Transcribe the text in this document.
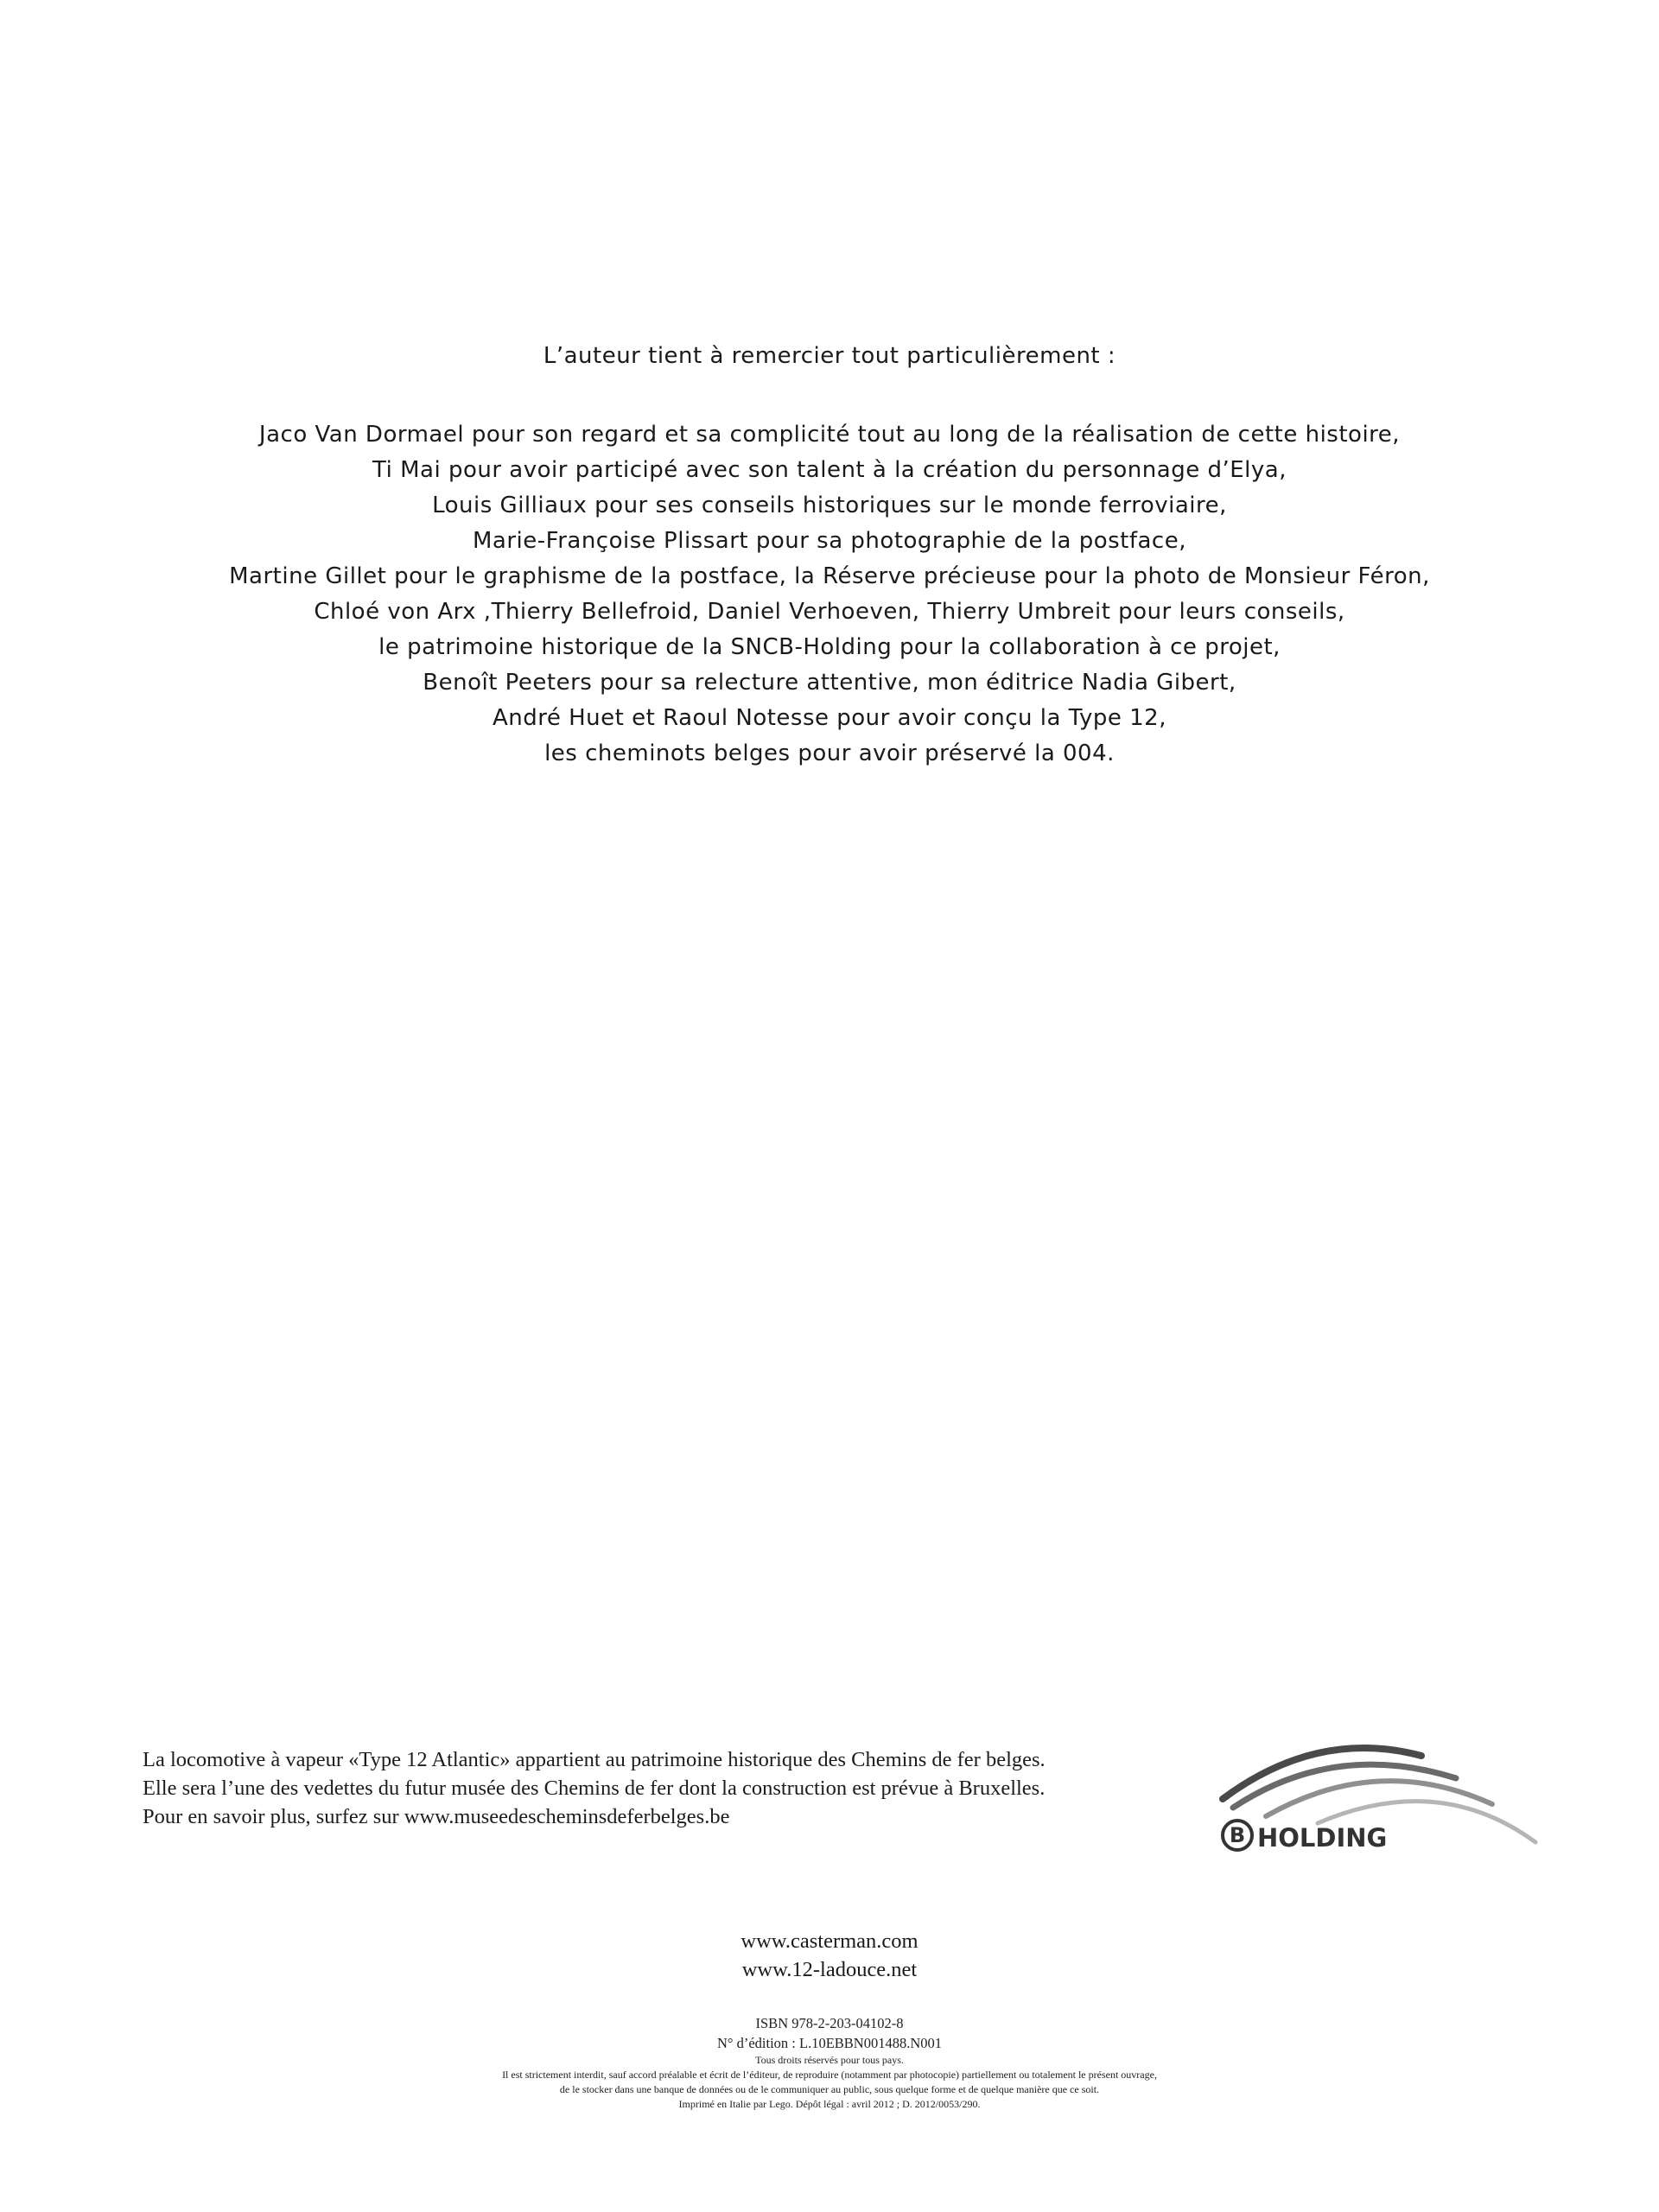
L’auteur tient à remercier tout particulièrement :
Jaco Van Dormael pour son regard et sa complicité tout au long de la réalisation de cette histoire,
Ti Mai pour avoir participé avec son talent à la création du personnage d’Elya,
Louis Gilliaux pour ses conseils historiques sur le monde ferroviaire,
Marie-Françoise Plissart pour sa photographie de la postface,
Martine Gillet pour le graphisme de la postface, la Réserve précieuse pour la photo de Monsieur Féron,
Chloé von Arx ,Thierry Bellefroid, Daniel Verhoeven, Thierry Umbreit pour leurs conseils,
le patrimoine historique de la SNCB-Holding pour la collaboration à ce projet,
Benoît Peeters pour sa relecture attentive, mon éditrice Nadia Gibert,
André Huet et Raoul Notesse pour avoir conçu la Type 12,
les cheminots belges pour avoir préservé la 004.

La locomotive à vapeur «Type 12 Atlantic» appartient au patrimoine historique des Chemins de fer belges.

Elle sera l’une des vedettes du futur musée des Chemins de fer dont la construction est prévue à Bruxelles.

Pour en savoir plus, surfez sur www.museedescheminsdeferbelges.be

B HOLDING
www.casterman.com
www.12-ladouce.net
ISBN 978-2-203-04102-8
N° d’édition : L.10EBBN001488.N001
Tous droits réservés pour tous pays.
Il est strictement interdit, sauf accord préalable et écrit de l’éditeur, de reproduire (notamment par photocopie) partiellement ou totalement le présent ouvrage,
de le stocker dans une banque de données ou de le communiquer au public, sous quelque forme et de quelque manière que ce soit.
Imprimé en Italie par Lego. Dépôt légal : avril 2012 ; D. 2012/0053/290.
